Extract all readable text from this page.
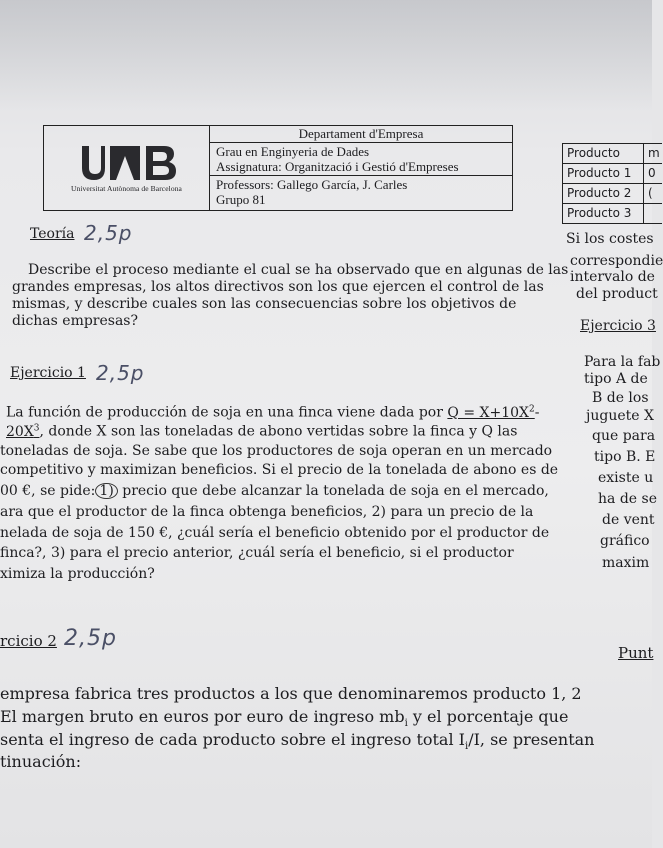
Universitat Autònoma de Barcelona
Departament d'Empresa
Grau en Enginyeria de Dades
Assignatura: Organització i Gestió d'Empreses
Professors: Gallego García, J. Carles
Grupo 81
Producto	m
Producto 1	0
Producto 2	(
Producto 3
Teoría 2,5p
Describe el proceso mediante el cual se ha observado que en algunas de las
grandes empresas, los altos directivos son los que ejercen el control de las
mismas, y describe cuales son las consecuencias sobre los objetivos de
dichas empresas?
Ejercicio 1 2,5p
La función de producción de soja en una finca viene dada por $Q = X+10X^2-$
$20X^3$, donde X son las toneladas de abono vertidas sobre la finca y Q las
toneladas de soja. Se sabe que los productores de soja operan en un mercado
competitivo y maximizan beneficios. Si el precio de la tonelada de abono es de
00 €, se pide: 1) precio que debe alcanzar la tonelada de soja en el mercado,
ara que el productor de la finca obtenga beneficios, 2) para un precio de la
nelada de soja de 150 €, ¿cuál sería el beneficio obtenido por el productor de
finca?, 3) para el precio anterior, ¿cuál sería el beneficio, si el productor
ximiza la producción?
rcicio 2 2,5p
empresa fabrica tres productos a los que denominaremos producto 1, 2
El margen bruto en euros por euro de ingreso $mb_i$ y el porcentaje que
senta el ingreso de cada producto sobre el ingreso total $I_i/I$, se presentan
tinuación:
Si los costes
correspondie
intervalo de
del product
Ejercicio 3
Para la fab
tipo A de
B de los
juguete X
que para
tipo B. E
existe u
ha de se
de vent
gráfico
maxim
Punt
